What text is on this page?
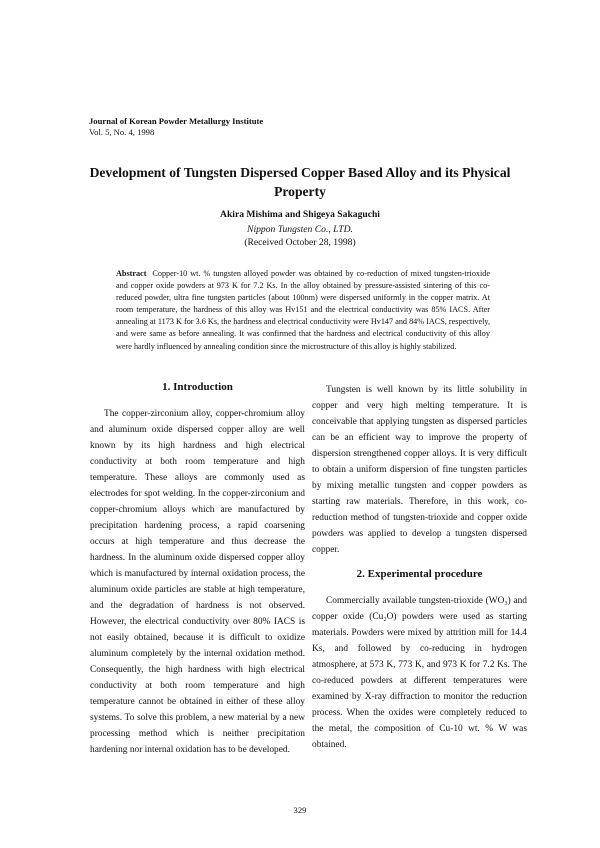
Journal of Korean Powder Metallurgy Institute
Vol. 5, No. 4, 1998
Development of Tungsten Dispersed Copper Based Alloy and its Physical Property
Akira Mishima and Shigeya Sakaguchi
Nippon Tungsten Co., LTD.
(Received October 28, 1998)
Abstract Copper-10 wt. % tungsten alloyed powder was obtained by co-reduction of mixed tungsten-trioxide and copper oxide powders at 973 K for 7.2 Ks. In the alloy obtained by pressure-assisted sintering of this co-reduced powder, ultra fine tungsten particles (about 100nm) were dispersed uniformly in the copper matrix. At room temperature, the hardness of this alloy was Hv151 and the electrical conductivity was 85% IACS. After annealing at 1173 K for 3.6 Ks, the hardness and electrical conductivity were Hv147 and 84% IACS, respectively, and were same as before annealing. It was confirmed that the hardness and electrical conductivity of this alloy were hardly influenced by annealing condition since the microstructure of this alloy is highly stabilized.
1. Introduction

The copper-zirconium alloy, copper-chromium alloy and aluminum oxide dispersed copper alloy are well known by its high hardness and high electrical conductivity at both room temperature and high temperature. These alloys are commonly used as electrodes for spot welding. In the copper-zirconium and copper-chromium alloys which are manufactured by precipitation hardening process, a rapid coarsening occurs at high temperature and thus decrease the hardness. In the aluminum oxide dispersed copper alloy which is manufactured by internal oxidation process, the aluminum oxide particles are stable at high temperature, and the degradation of hardness is not observed. However, the electrical conductivity over 80% IACS is not easily obtained, because it is difficult to oxidize aluminum completely by the internal oxidation method. Consequently, the high hardness with high electrical conductivity at both room temperature and high temperature cannot be obtained in either of these alloy systems. To solve this problem, a new material by a new processing method which is neither precipitation hardening nor internal oxidation has to be developed.

Tungsten is well known by its little solubility in copper and very high melting temperature. It is conceivable that applying tungsten as dispersed particles can be an efficient way to improve the property of dispersion strengthened copper alloys. It is very difficult to obtain a uniform dispersion of fine tungsten particles by mixing metallic tungsten and copper powders as starting raw materials. Therefore, in this work, co-reduction method of tungsten-trioxide and copper oxide powders was applied to develop a tungsten dispersed copper.

2. Experimental procedure

Commercially available tungsten-trioxide (WO₃) and copper oxide (Cu₂O) powders were used as starting materials. Powders were mixed by attrition mill for 14.4 Ks, and followed by co-reducing in hydrogen atmosphere, at 573 K, 773 K, and 973 K for 7.2 Ks. The co-reduced powders at different temperatures were examined by X-ray diffraction to monitor the reduction process. When the oxides were completely reduced to the metal, the composition of Cu-10 wt. % W was obtained.

329
